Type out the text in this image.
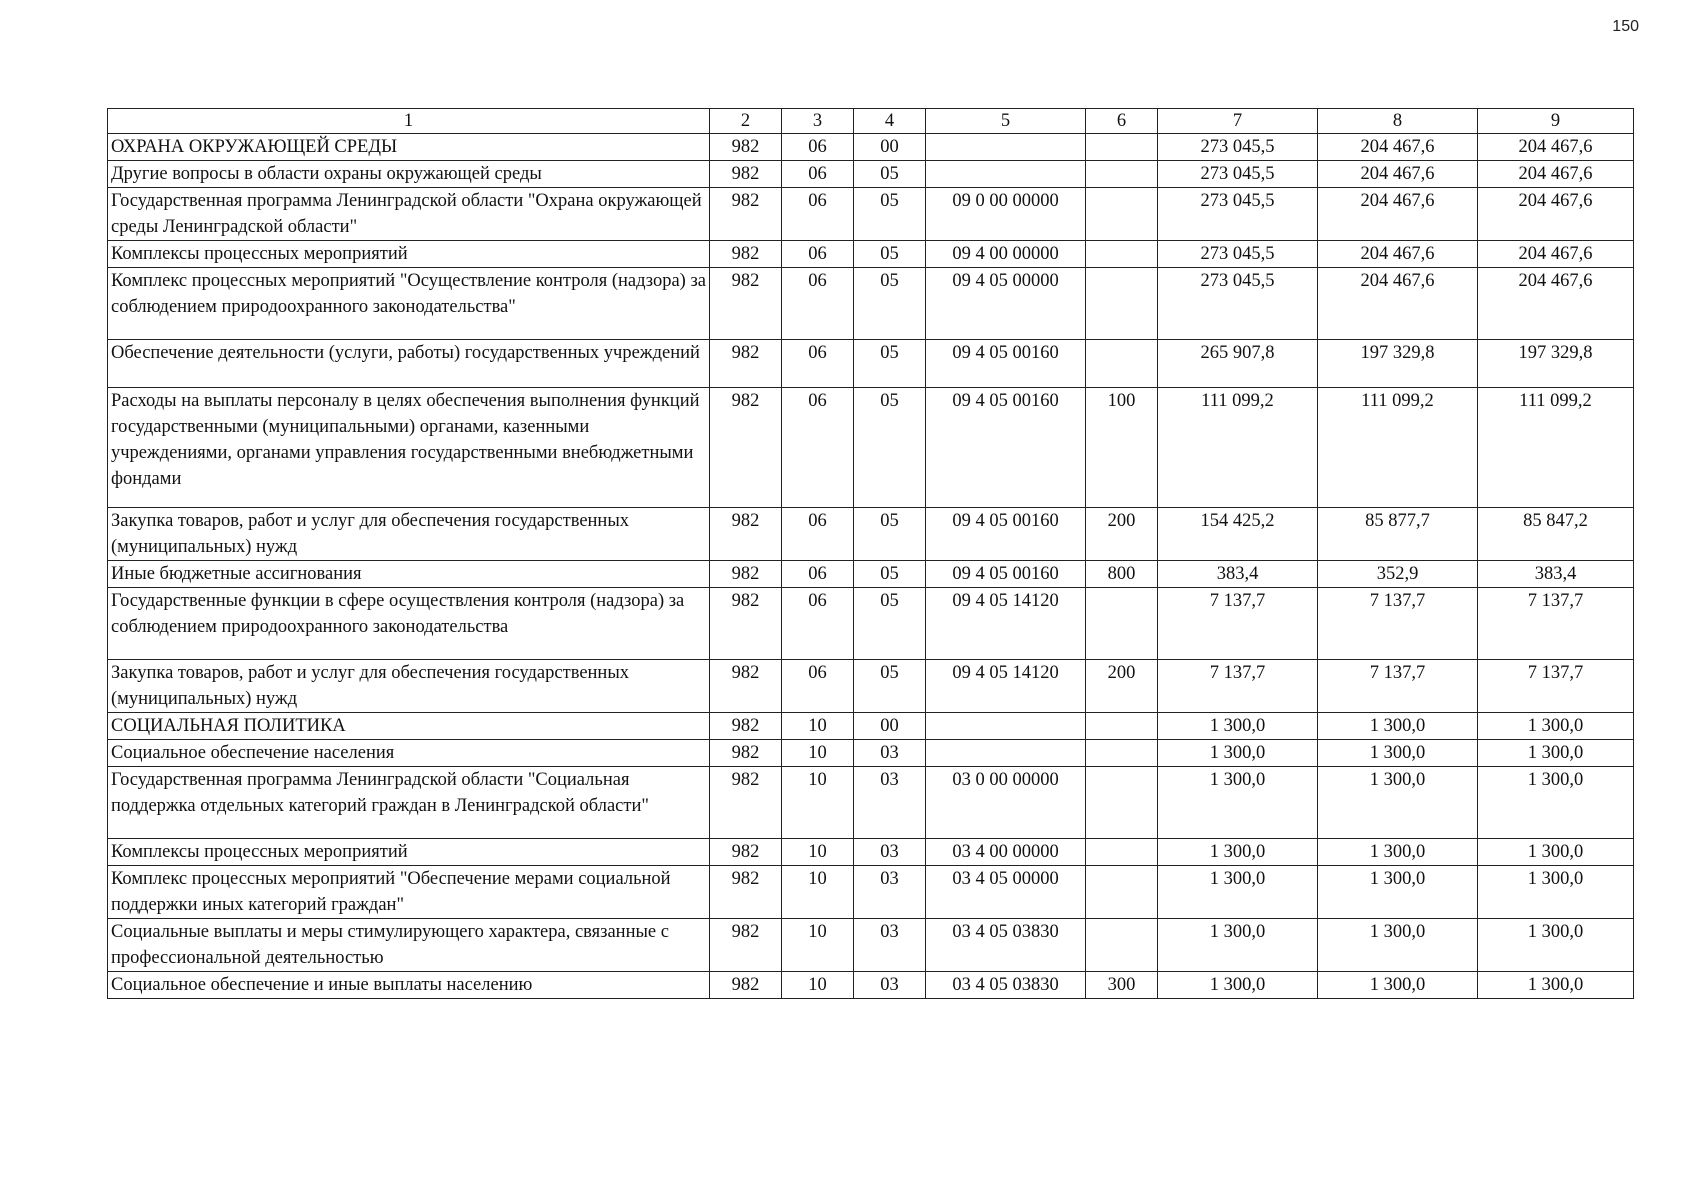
150
1	2	3	4	5	6	7	8	9
ОХРАНА ОКРУЖАЮЩЕЙ СРЕДЫ	982	06	00			273 045,5	204 467,6	204 467,6
Другие вопросы в области охраны окружающей среды	982	06	05			273 045,5	204 467,6	204 467,6
Государственная программа Ленинградской области "Охрана окружающей среды Ленинградской области"	982	06	05	09 0 00 00000		273 045,5	204 467,6	204 467,6
Комплексы процессных мероприятий	982	06	05	09 4 00 00000		273 045,5	204 467,6	204 467,6
Комплекс процессных мероприятий "Осуществление контроля (надзора) за соблюдением природоохранного законодательства"	982	06	05	09 4 05 00000		273 045,5	204 467,6	204 467,6
Обеспечение деятельности (услуги, работы) государственных учреждений	982	06	05	09 4 05 00160		265 907,8	197 329,8	197 329,8
Расходы на выплаты персоналу в целях обеспечения выполнения функций государственными (муниципальными) органами, казенными учреждениями, органами управления государственными внебюджетными фондами	982	06	05	09 4 05 00160	100	111 099,2	111 099,2	111 099,2
Закупка товаров, работ и услуг для обеспечения государственных (муниципальных) нужд	982	06	05	09 4 05 00160	200	154 425,2	85 877,7	85 847,2
Иные бюджетные ассигнования	982	06	05	09 4 05 00160	800	383,4	352,9	383,4
Государственные функции в сфере осуществления контроля (надзора) за соблюдением природоохранного законодательства	982	06	05	09 4 05 14120		7 137,7	7 137,7	7 137,7
Закупка товаров, работ и услуг для обеспечения государственных (муниципальных) нужд	982	06	05	09 4 05 14120	200	7 137,7	7 137,7	7 137,7
СОЦИАЛЬНАЯ ПОЛИТИКА	982	10	00			1 300,0	1 300,0	1 300,0
Социальное обеспечение населения	982	10	03			1 300,0	1 300,0	1 300,0
Государственная программа Ленинградской области "Социальная поддержка отдельных категорий граждан в Ленинградской области"	982	10	03	03 0 00 00000		1 300,0	1 300,0	1 300,0
Комплексы процессных мероприятий	982	10	03	03 4 00 00000		1 300,0	1 300,0	1 300,0
Комплекс процессных мероприятий "Обеспечение мерами социальной поддержки иных категорий граждан"	982	10	03	03 4 05 00000		1 300,0	1 300,0	1 300,0
Социальные выплаты и меры стимулирующего характера, связанные с профессиональной деятельностью	982	10	03	03 4 05 03830		1 300,0	1 300,0	1 300,0
Социальное обеспечение и иные выплаты населению	982	10	03	03 4 05 03830	300	1 300,0	1 300,0	1 300,0
